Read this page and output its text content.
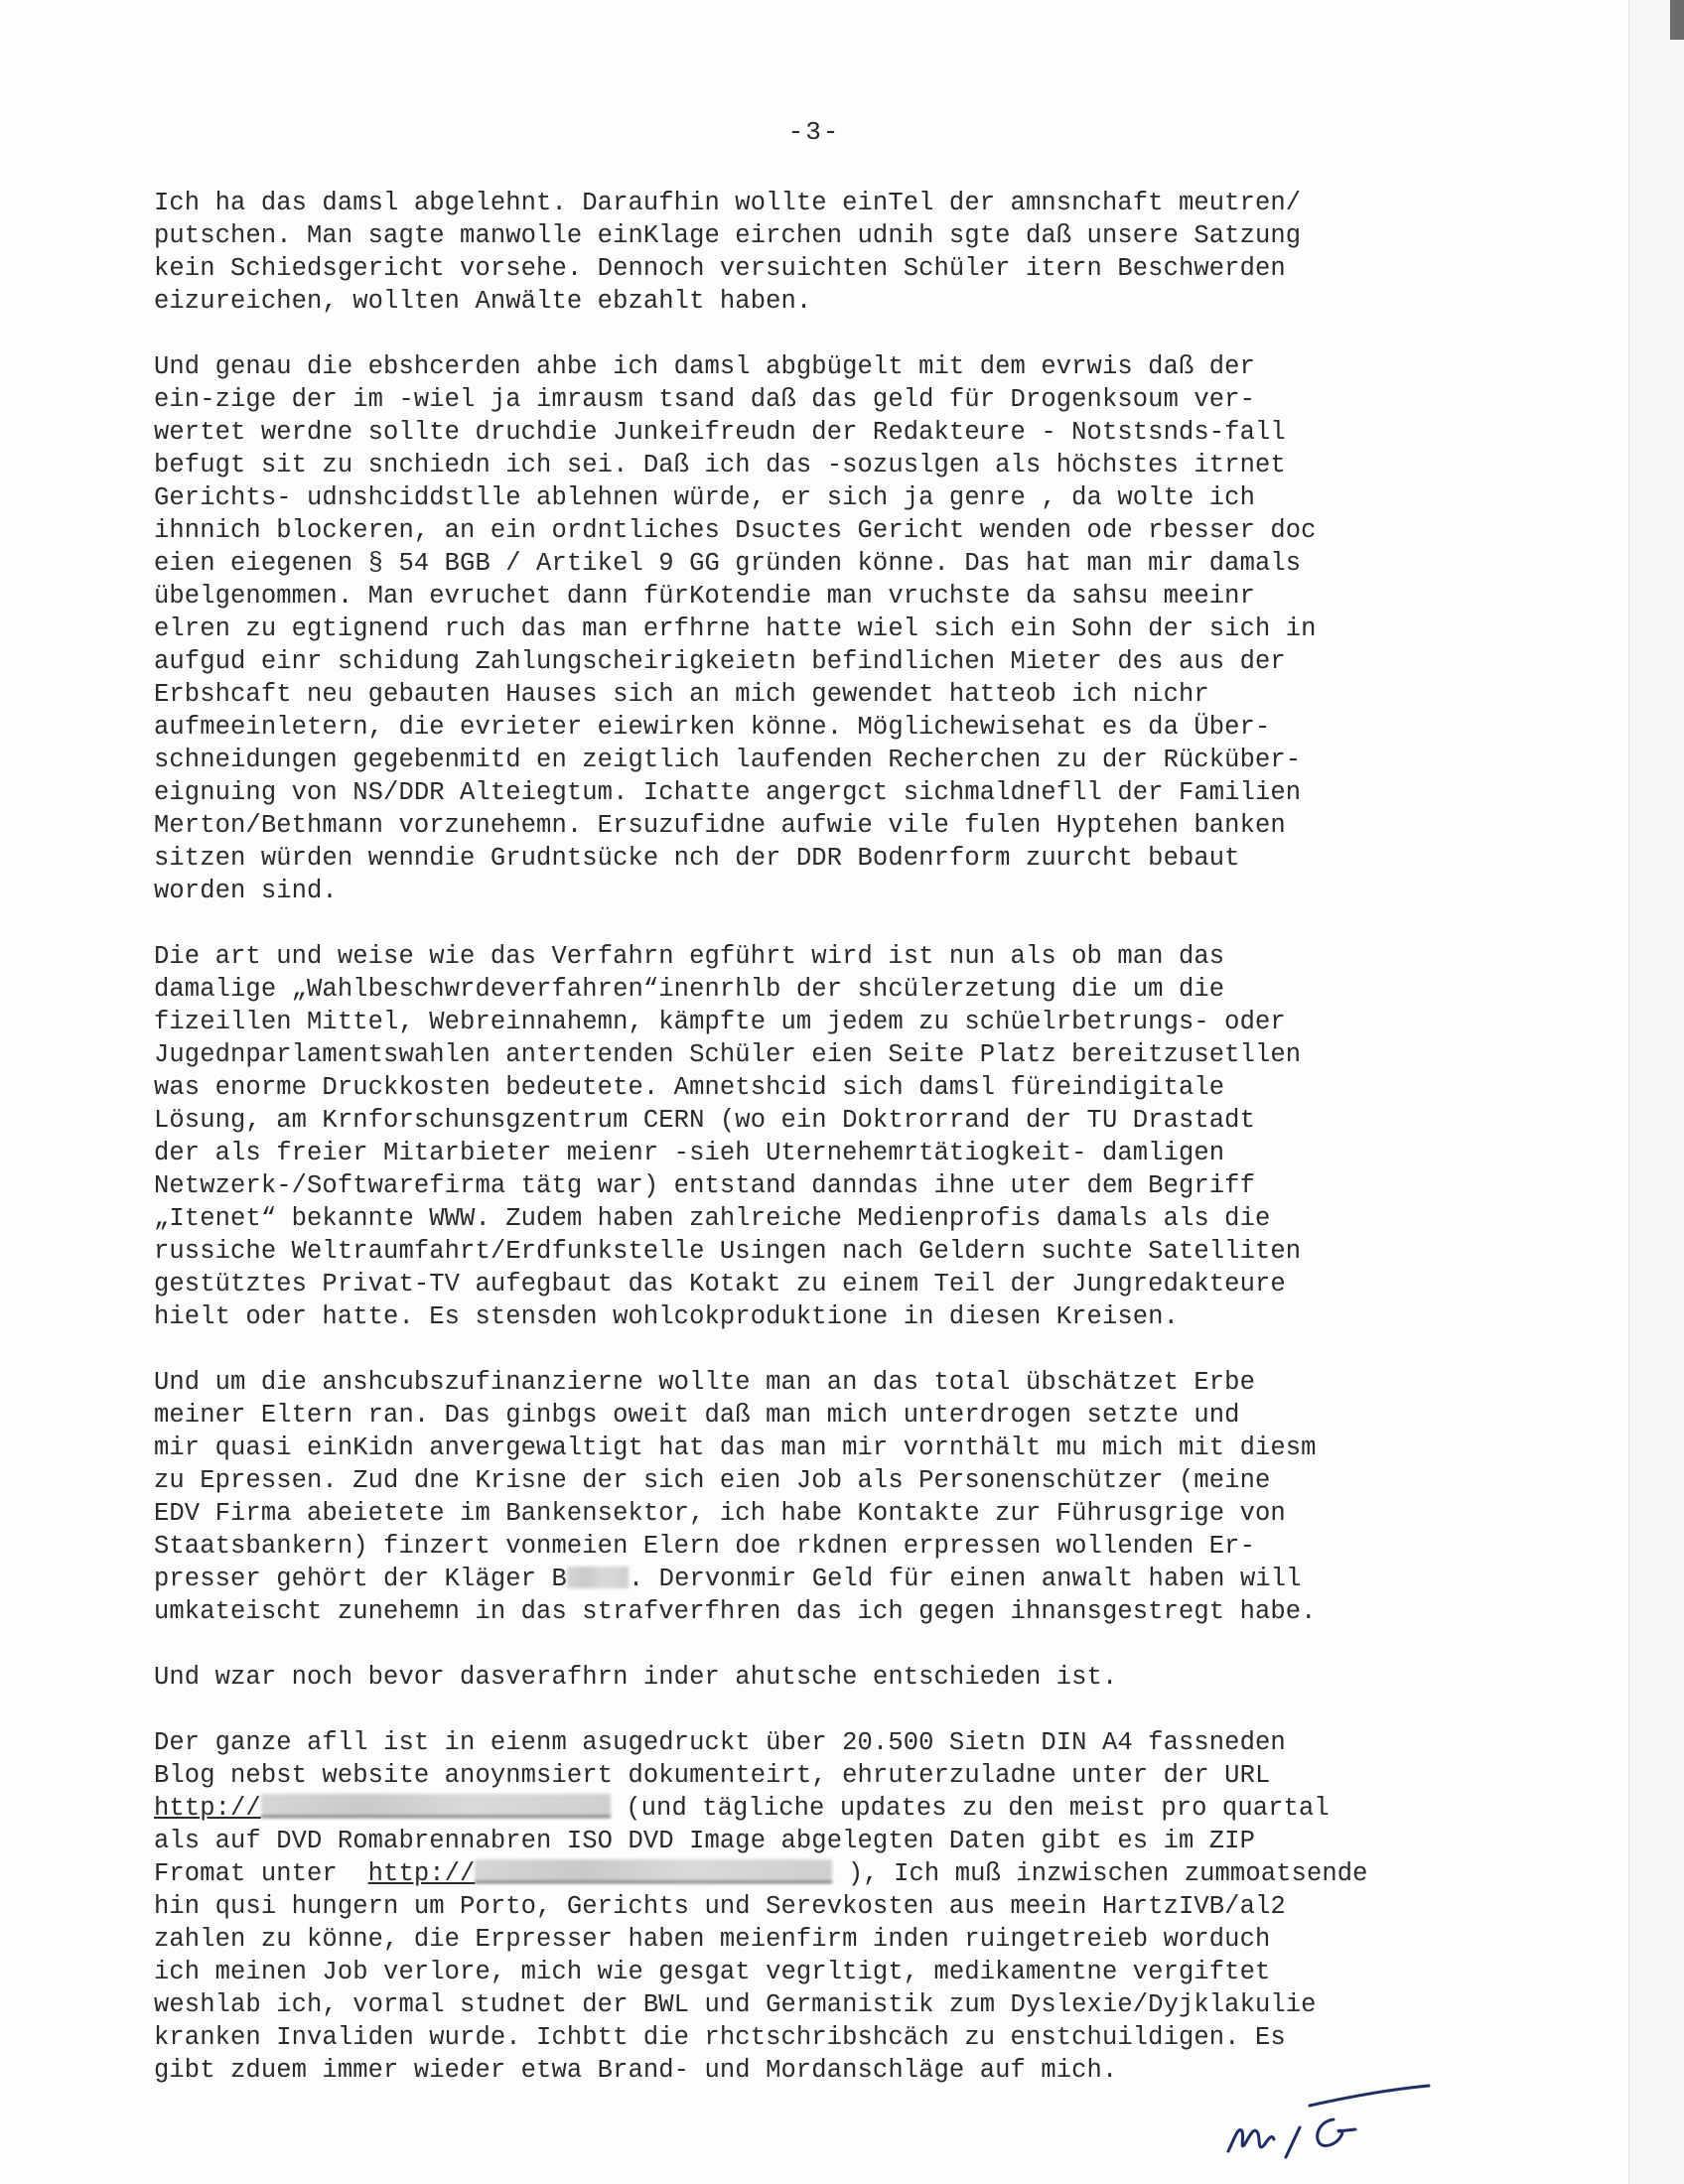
-3-
Ich ha das damsl abgelehnt. Daraufhin wollte einTel der amnsnchaft meutren/
putschen. Man sagte manwolle einKlage eirchen udnih sgte daß unsere Satzung
kein Schiedsgericht vorsehe. Dennoch versuichten Schüler itern Beschwerden
eizureichen, wollten Anwälte ebzahlt haben.
Und genau die ebshcerden ahbe ich damsl abgbügelt mit dem evrwis daß der
ein-zige der im -wiel ja imrausm tsand daß das geld für Drogenksoum ver-
wertet werdne sollte druchdie Junkeifreudn der Redakteure - Notstsnds-fall
befugt sit zu snchiedn ich sei. Daß ich das -sozuslgen als höchstes itrnet
Gerichts- udnshciddstlle ablehnen würde, er sich ja genre , da wolte ich
ihnnich blockeren, an ein ordntliches Dsuctes Gericht wenden ode rbesser doc
eien eiegenen § 54 BGB / Artikel 9 GG gründen könne. Das hat man mir damals
übelgenommen. Man evruchet dann fürKotendie man vruchste da sahsu meeinr
elren zu egtignend ruch das man erfhrne hatte wiel sich ein Sohn der sich in
aufgud einr schidung Zahlungscheirigkeietn befindlichen Mieter des aus der
Erbshcaft neu gebauten Hauses sich an mich gewendet hatteob ich nichr
aufmeeinletern, die evrieter eiewirken könne. Möglichewisehat es da Über-
schneidungen gegebenmitd en zeigtlich laufenden Recherchen zu der Rücküber-
eignuing von NS/DDR Alteiegtum. Ichatte angergct sichmaldnefll der Familien
Merton/Bethmann vorzunehemn. Ersuzufidne aufwie vile fulen Hyptehen banken
sitzen würden wenndie Grudntsücke nch der DDR Bodenrform zuurcht bebaut
worden sind.
Die art und weise wie das Verfahrn egführt wird ist nun als ob man das
damalige „Wahlbeschwrdeverfahren“inenrhlb der shcülerzetung die um die
fizeillen Mittel, Webreinnahemn, kämpfte um jedem zu schüelrbetrungs- oder
Jugednparlamentswahlen antertenden Schüler eien Seite Platz bereitzusetllen
was enorme Druckkosten bedeutete. Amnetshcid sich damsl füreindigitale
Lösung, am Krnforschunsgzentrum CERN (wo ein Doktrorrand der TU Drastadt
der als freier Mitarbieter meienr -sieh Uternehemrtätiogkeit- damligen
Netwzerk-/Softwarefirma tätg war) entstand danndas ihne uter dem Begriff
„Itenet“ bekannte WWW. Zudem haben zahlreiche Medienprofis damals als die
russiche Weltraumfahrt/Erdfunkstelle Usingen nach Geldern suchte Satelliten
gestütztes Privat-TV aufegbaut das Kotakt zu einem Teil der Jungredakteure
hielt oder hatte. Es stensden wohlcokproduktione in diesen Kreisen.
Und um die anshcubszufinanzierne wollte man an das total übschätzet Erbe
meiner Eltern ran. Das ginbgs oweit daß man mich unterdrogen setzte und
mir quasi einKidn anvergewaltigt hat das man mir vornthält mu mich mit diesm
zu Epressen. Zud dne Krisne der sich eien Job als Personenschützer (meine
EDV Firma abeietete im Bankensektor, ich habe Kontakte zur Führusgrige von
Staatsbankern) finzert vonmeien Elern doe rkdnen erpressen wollenden Er-
presser gehört der Kläger B . Dervonmir Geld für einen anwalt haben will
umkateischt zunehemn in das strafverfhren das ich gegen ihnansgestregt habe.
Und wzar noch bevor dasverafhrn inder ahutsche entschieden ist.
Der ganze afll ist in eienm asugedruckt über 20.500 Sietn DIN A4 fassneden
Blog nebst website anoynmsiert dokumenteirt, ehruterzuladne unter der URL
http://	(und tägliche updates zu den meist pro quartal
als auf DVD Romabrennabren ISO DVD Image abgelegten Daten gibt es im ZIP
Fromat unter  http://	), Ich muß inzwischen zummoatsende
hin qusi hungern um Porto, Gerichts und Serevkosten aus meein HartzIVB/al2
zahlen zu könne, die Erpresser haben meienfirm inden ruingetreieb worduch
ich meinen Job verlore, mich wie gesgat vegrltigt, medikamentne vergiftet
weshlab ich, vormal studnet der BWL und Germanistik zum Dyslexie/Dyjklakulie
kranken Invaliden wurde. Ichbtt die rhctschribshcäch zu enstchuildigen. Es
gibt zduem immer wieder etwa Brand- und Mordanschläge auf mich.
